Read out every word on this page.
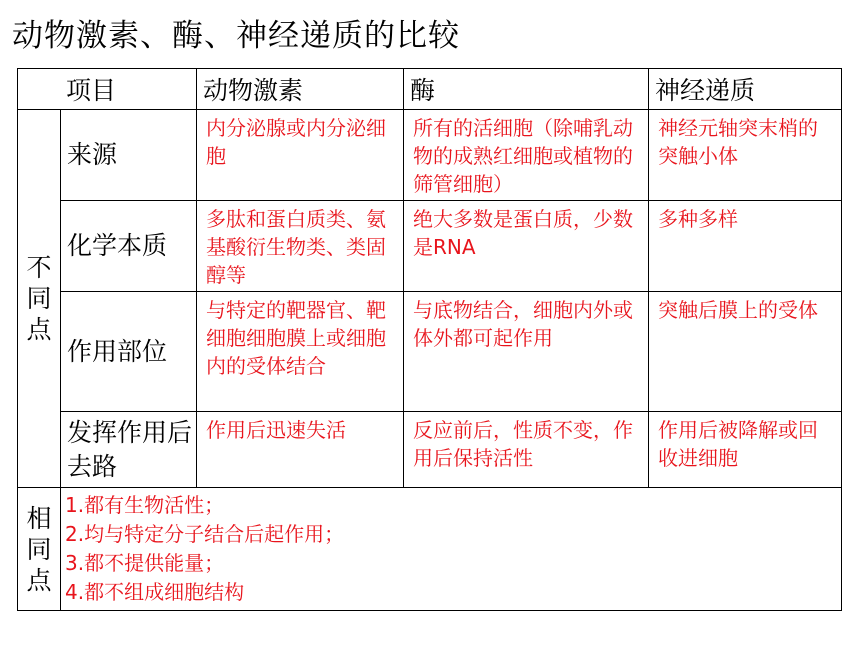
动物激素、酶、神经递质的比较
项目		动物激素	酶	神经递质

不
同
点	来源	内分泌腺或内分泌细胞	所有的活细胞（除哺乳动物的成熟红细胞或植物的筛管细胞）	神经元轴突末梢的突触小体
	化学本质	多肽和蛋白质类、氨基酸衍生物类、类固醇等	绝大多数是蛋白质，少数是RNA	多种多样
	作用部位	与特定的靶器官、靶细胞细胞膜上或细胞内的受体结合	与底物结合，细胞内外或体外都可起作用	突触后膜上的受体
	发挥作用后去路	作用后迅速失活	反应前后，性质不变，作用后保持活性	作用后被降解或回收进细胞

相
同
点	1.都有生物活性；
2.均与特定分子结合后起作用；
3.都不提供能量；
4.都不组成细胞结构			
